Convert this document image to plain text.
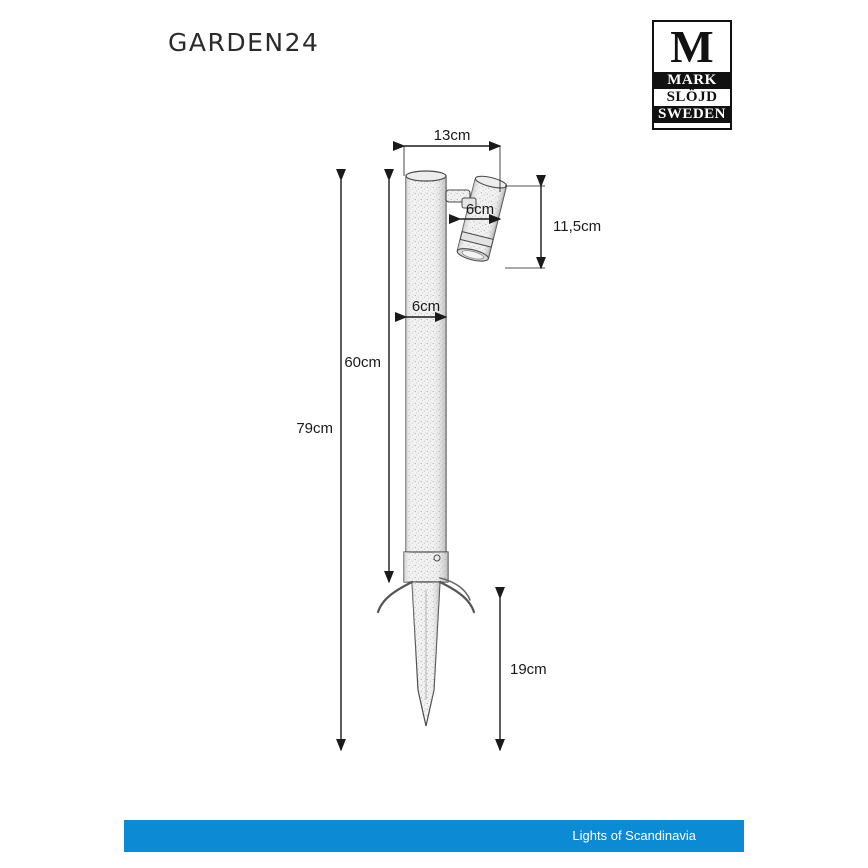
GARDEN24	M
MARK
SLÖJD
SWEDEN
13cm
6cm
11,5cm
6cm
60cm
79cm
19cm
Lights of Scandinavia
